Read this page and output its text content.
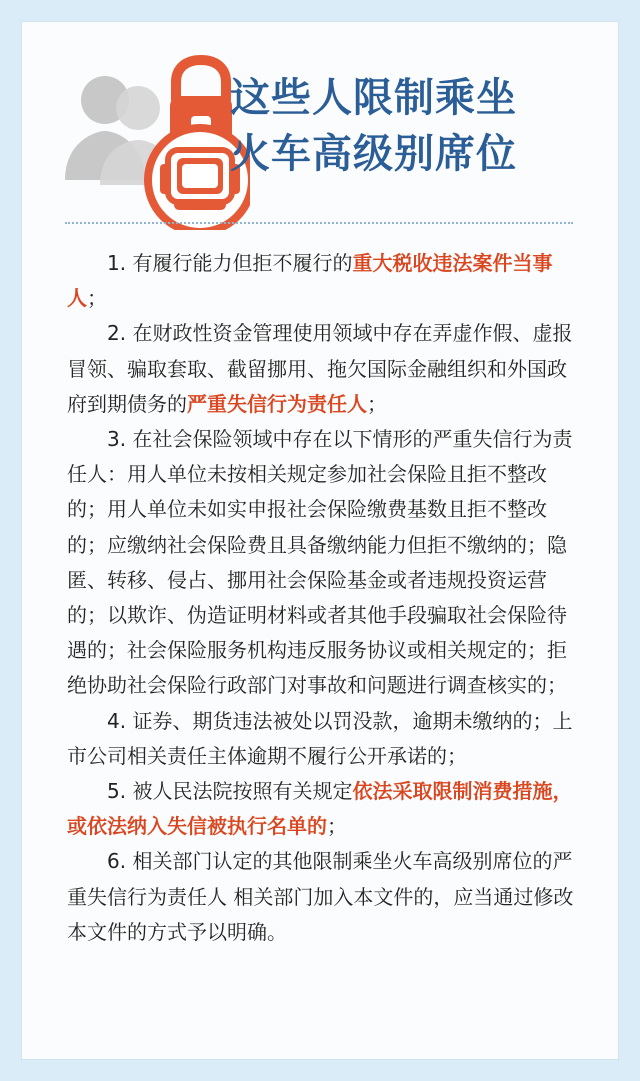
这些人限制乘坐
火车高级别席位

1. 有履行能力但拒不履行的重大税收违法案件当事人；

2. 在财政性资金管理使用领域中存在弄虚作假、虚报冒领、骗取套取、截留挪用、拖欠国际金融组织和外国政府到期债务的严重失信行为责任人；

3. 在社会保险领域中存在以下情形的严重失信行为责任人：用人单位未按相关规定参加社会保险且拒不整改的；用人单位未如实申报社会保险缴费基数且拒不整改的；应缴纳社会保险费且具备缴纳能力但拒不缴纳的；隐匿、转移、侵占、挪用社会保险基金或者违规投资运营的；以欺诈、伪造证明材料或者其他手段骗取社会保险待遇的；社会保险服务机构违反服务协议或相关规定的；拒绝协助社会保险行政部门对事故和问题进行调查核实的；

4. 证券、期货违法被处以罚没款，逾期未缴纳的；上市公司相关责任主体逾期不履行公开承诺的；

5. 被人民法院按照有关规定依法采取限制消费措施，或依法纳入失信被执行名单的；

6. 相关部门认定的其他限制乘坐火车高级别席位的严重失信行为责任人 相关部门加入本文件的，应当通过修改本文件的方式予以明确。
